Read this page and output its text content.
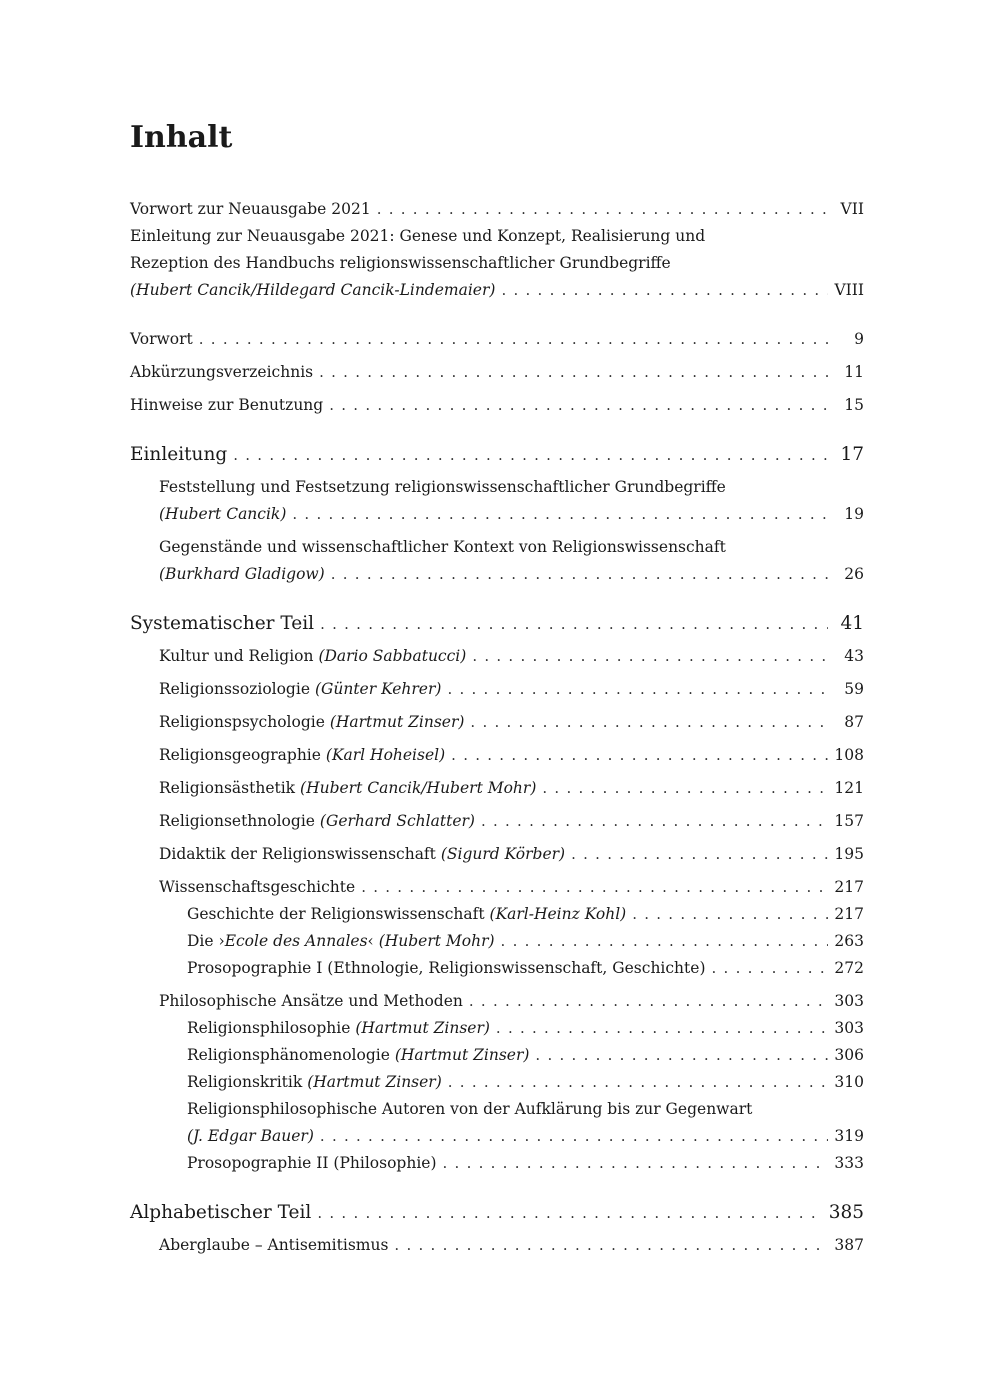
Inhalt
Vorwort zur Neuausgabe 2021 . . .	VII
Einleitung zur Neuausgabe 2021: Genese und Konzept, Realisierung und
Rezeption des Handbuchs religionswissenschaftlicher Grundbegriffe
(Hubert Cancik/Hildegard Cancik-Lindemaier) . . .	VIII
Vorwort . . .	9
Abkürzungsverzeichnis . . .	11
Hinweise zur Benutzung . . .	15
Einleitung . . .	17
Feststellung und Festsetzung religionswissenschaftlicher Grundbegriffe
(Hubert Cancik) . . .	19
Gegenstände und wissenschaftlicher Kontext von Religionswissenschaft
(Burkhard Gladigow) . . .	26
Systematischer Teil . . .	41
Kultur und Religion (Dario Sabbatucci) . . .	43
Religionssoziologie (Günter Kehrer) . . .	59
Religionspsychologie (Hartmut Zinser) . . .	87
Religionsgeographie (Karl Hoheisel) . . .	108
Religionsästhetik (Hubert Cancik/Hubert Mohr) . . .	121
Religionsethnologie (Gerhard Schlatter) . . .	157
Didaktik der Religionswissenschaft (Sigurd Körber) . . .	195
Wissenschaftsgeschichte . . .	217
Geschichte der Religionswissenschaft (Karl-Heinz Kohl) . . .	217
Die ›Ecole des Annales‹ (Hubert Mohr) . . .	263
Prosopographie I (Ethnologie, Religionswissenschaft, Geschichte) . . .	272
Philosophische Ansätze und Methoden . . .	303
Religionsphilosophie (Hartmut Zinser) . . .	303
Religionsphänomenologie (Hartmut Zinser) . . .	306
Religionskritik (Hartmut Zinser) . . .	310
Religionsphilosophische Autoren von der Aufklärung bis zur Gegenwart
(J. Edgar Bauer) . . .	319
Prosopographie II (Philosophie) . . .	333
Alphabetischer Teil . . .	385
Aberglaube – Antisemitismus . . .	387
